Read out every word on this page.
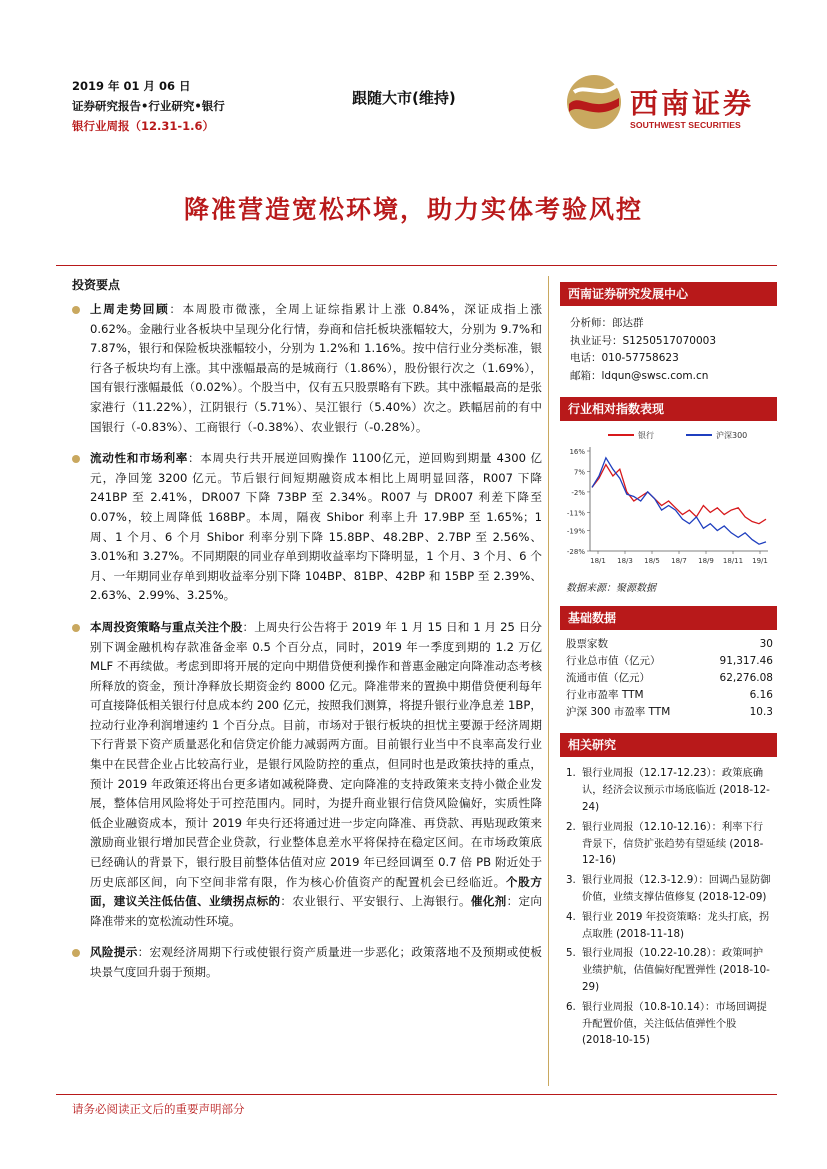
2019 年 01 月 06 日
证券研究报告•行业研究•银行
银行业周报（12.31-1.6）
跟随大市(维持)	西南证券
SOUTHWEST SECURITIES
降准营造宽松环境，助力实体考验风控
投资要点
上周走势回顾：本周股市微涨，全周上证综指累计上涨 0.84%，深证成指上涨 0.62%。金融行业各板块中呈现分化行情，券商和信托板块涨幅较大，分别为 9.7%和 7.87%，银行和保险板块涨幅较小，分别为 1.2%和 1.16%。按中信行业分类标准，银行各子板块均有上涨。其中涨幅最高的是城商行（1.86%），股份银行次之（1.69%），国有银行涨幅最低（0.02%）。个股当中，仅有五只股票略有下跌。其中涨幅最高的是张家港行（11.22%），江阴银行（5.71%）、吴江银行（5.40%）次之。跌幅居前的有中国银行（-0.83%）、工商银行（-0.38%）、农业银行（-0.28%）。
流动性和市场利率：本周央行共开展逆回购操作 1100亿元，逆回购到期量 4300 亿元，净回笼 3200 亿元。节后银行间短期融资成本相比上周明显回落，R007 下降 241BP 至 2.41%，DR007 下降 73BP 至 2.34%。R007 与 DR007 利差下降至 0.07%，较上周降低 168BP。本周，隔夜 Shibor 利率上升 17.9BP 至 1.65%；1 周、1 个月、6 个月 Shibor 利率分别下降 15.8BP、48.2BP、2.7BP 至 2.56%、3.01%和 3.27%。不同期限的同业存单到期收益率均下降明显，1 个月、3 个月、6 个月、一年期同业存单到期收益率分别下降 104BP、81BP、42BP 和 15BP 至 2.39%、2.63%、2.99%、3.25%。
本周投资策略与重点关注个股：上周央行公告将于 2019 年 1 月 15 日和 1 月 25 日分别下调金融机构存款准备金率 0.5 个百分点，同时，2019 年一季度到期的 1.2 万亿 MLF 不再续做。考虑到即将开展的定向中期借贷便利操作和普惠金融定向降准动态考核所释放的资金，预计净释放长期资金约 8000 亿元。降准带来的置换中期借贷便利每年可直接降低相关银行付息成本约 200 亿元，按照我们测算，将提升银行业净息差 1BP，拉动行业净利润增速约 1 个百分点。目前，市场对于银行板块的担忧主要源于经济周期下行背景下资产质量恶化和信贷定价能力减弱两方面。目前银行业当中不良率高发行业集中在民营企业占比较高行业，是银行风险防控的重点，但同时也是政策扶持的重点，预计 2019 年政策还将出台更多诸如减税降费、定向降准的支持政策来支持小微企业发展，整体信用风险将处于可控范围内。同时，为提升商业银行信贷风险偏好，实质性降低企业融资成本，预计 2019 年央行还将通过进一步定向降准、再贷款、再贴现政策来激励商业银行增加民营企业贷款，行业整体息差水平将保持在稳定区间。在市场政策底已经确认的背景下，银行股目前整体估值对应 2019 年已经回调至 0.7 倍 PB 附近处于历史底部区间，向下空间非常有限，作为核心价值资产的配置机会已经临近。个股方面，建议关注低估值、业绩拐点标的：农业银行、平安银行、上海银行。催化剂：定向降准带来的宽松流动性环境。
风险提示：宏观经济周期下行或使银行资产质量进一步恶化；政策落地不及预期或使板块景气度回升弱于预期。
西南证券研究发展中心
分析师：郎达群
执业证号：S1250517070003
电话：010-57758623
邮箱：ldqun@swsc.com.cn
行业相对指数表现
银行	沪深300
16%
7%
-2%
-11%
-19%
-28%
18/1 18/3 18/5 18/7 18/9 18/11 19/1
数据来源：聚源数据
基础数据
股票家数	30
行业总市值（亿元）	91,317.46
流通市值（亿元）	62,276.08
行业市盈率 TTM	6.16
沪深 300 市盈率 TTM	10.3
相关研究
1. 银行业周报（12.17-12.23）：政策底确认，经济会议预示市场底临近 (2018-12-24)
2. 银行业周报（12.10-12.16）：利率下行背景下，信贷扩张趋势有望延续 (2018-12-16)
3. 银行业周报（12.3-12.9）：回调凸显防御价值，业绩支撑估值修复 (2018-12-09)
4. 银行业 2019 年投资策略：龙头打底，拐点取胜 (2018-11-18)
5. 银行业周报（10.22-10.28）：政策呵护业绩护航，估值偏好配置弹性 (2018-10-29)
6. 银行业周报（10.8-10.14）：市场回调提升配置价值，关注低估值弹性个股 (2018-10-15)
请务必阅读正文后的重要声明部分
